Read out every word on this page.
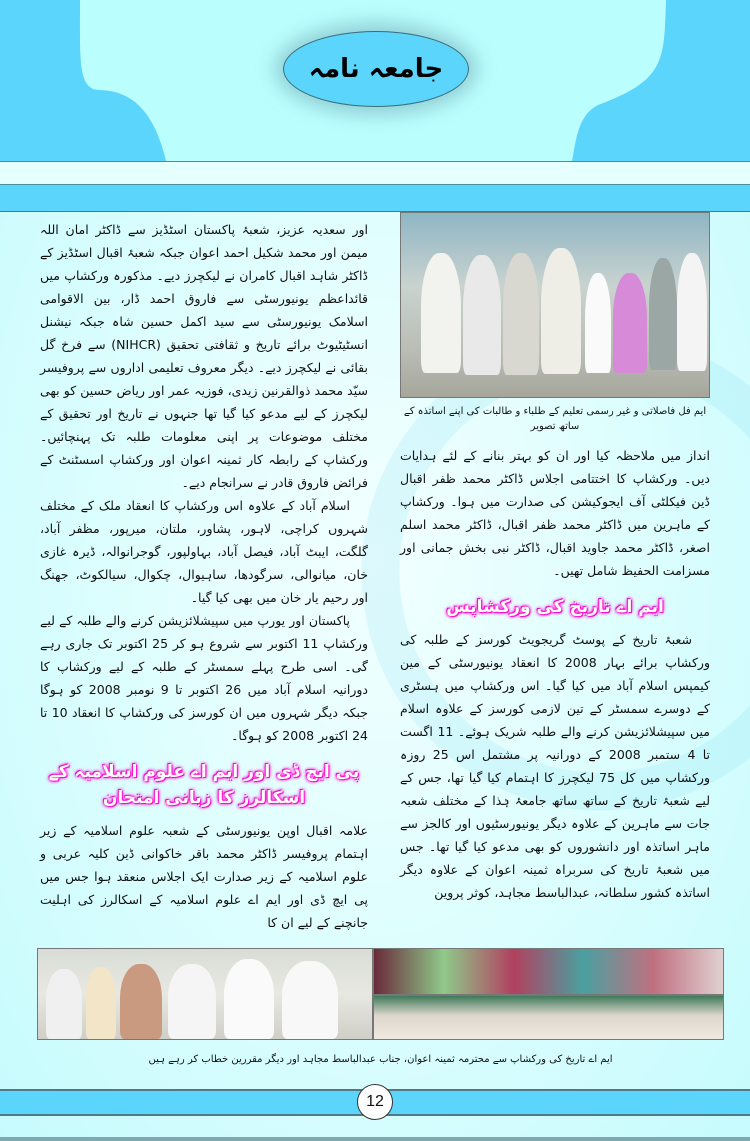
جامعہ نامہ

اور سعدیہ عزیز، شعبۂ پاکستان اسٹڈیز سے ڈاکٹر امان اللہ میمن اور محمد شکیل احمد اعوان جبکہ شعبۂ اقبال اسٹڈیز کے ڈاکٹر شاہد اقبال کامران نے لیکچرز دیے۔ مذکورہ ورکشاپ میں قائداعظم یونیورسٹی سے فاروق احمد ڈار، بین الاقوامی اسلامک یونیورسٹی سے سید اکمل حسین شاہ جبکہ نیشنل انسٹیٹیوٹ برائے تاریخ و ثقافتی تحقیق (NIHCR) سے فرخ گل بقائی نے لیکچرز دیے۔ دیگر معروف تعلیمی اداروں سے پروفیسر سیّد محمد ذوالقرنین زیدی، فوزیہ عمر اور ریاض حسین کو بھی لیکچرز کے لیے مدعو کیا گیا تھا جنہوں نے تاریخ اور تحقیق کے مختلف موضوعات پر اپنی معلومات طلبہ تک پہنچائیں۔ ورکشاپ کے رابطہ کار ثمینہ اعوان اور ورکشاپ اسسٹنٹ کے فرائض فاروق قادر نے سرانجام دیے۔

اسلام آباد کے علاوہ اس ورکشاپ کا انعقاد ملک کے مختلف شہروں کراچی، لاہور، پشاور، ملتان، میرپور، مظفر آباد، گلگت، ایبٹ آباد، فیصل آباد، بہاولپور، گوجرانوالہ، ڈیرہ غازی خان، میانوالی، سرگودھا، ساہیوال، چکوال، سیالکوٹ، جھنگ اور رحیم یار خان میں بھی کیا گیا۔

پاکستان اور یورپ میں سپیشلائزیشن کرنے والے طلبہ کے لیے ورکشاپ 11 اکتوبر سے شروع ہو کر 25 اکتوبر تک جاری رہے گی۔ اسی طرح پہلے سمسٹر کے طلبہ کے لیے ورکشاپ کا دورانیہ اسلام آباد میں 26 اکتوبر تا 9 نومبر 2008 کو ہوگا جبکہ دیگر شہروں میں ان کورسز کی ورکشاپ کا انعقاد 10 تا 24 اکتوبر 2008 کو ہوگا۔

پی ایچ ڈی اور ایم اے علوم اسلامیہ کے اسکالرز کا زبانی امتحان

علامہ اقبال اوپن یونیورسٹی کے شعبہ علوم اسلامیہ کے زیر اہتمام پروفیسر ڈاکٹر محمد باقر خاکوانی ڈین کلیہ عربی و علوم اسلامیہ کے زیر صدارت ایک اجلاس منعقد ہوا جس میں پی ایچ ڈی اور ایم اے علوم اسلامیہ کے اسکالرز کی اہلیت جانچنے کے لیے ان کا

ایم فل فاصلاتی و غیر رسمی تعلیم کے طلباء و طالبات کی اپنے اساتذہ کے ساتھ تصویر

انداز میں ملاحظہ کیا اور ان کو بہتر بنانے کے لئے ہدایات دیں۔ ورکشاپ کا اختتامی اجلاس ڈاکٹر محمد ظفر اقبال ڈین فیکلٹی آف ایجوکیشن کی صدارت میں ہوا۔ ورکشاپ کے ماہرین میں ڈاکٹر محمد ظفر اقبال، ڈاکٹر محمد اسلم اصغر، ڈاکٹر محمد جاوید اقبال، ڈاکٹر نبی بخش جمانی اور مسزامت الحفیظ شامل تھیں۔

ایم اے تاریخ کی ورکشاپس

شعبۂ تاریخ کے پوسٹ گریجویٹ کورسز کے طلبہ کی ورکشاپ برائے بہار 2008 کا انعقاد یونیورسٹی کے مین کیمپس اسلام آباد میں کیا گیا۔ اس ورکشاپ میں ہسٹری کے دوسرے سمسٹر کے تین لازمی کورسز کے علاوہ اسلام میں سپیشلائزیشن کرنے والے طلبہ شریک ہوئے۔ 11 اگست تا 4 ستمبر 2008 کے دورانیہ پر مشتمل اس 25 روزہ ورکشاپ میں کل 75 لیکچرز کا اہتمام کیا گیا تھا، جس کے لیے شعبۂ تاریخ کے ساتھ ساتھ جامعۂ ہٰذا کے مختلف شعبہ جات سے ماہرین کے علاوہ دیگر یونیورسٹیوں اور کالجز سے ماہر اساتذہ اور دانشوروں کو بھی مدعو کیا گیا تھا۔ جس میں شعبۂ تاریخ کی سربراہ ثمینہ اعوان کے علاوہ دیگر اساتذہ کشور سلطانہ، عبدالباسط مجاہد، کوثر پروین

ایم اے تاریخ کی ورکشاپ سے محترمہ ثمینہ اعوان، جناب عبدالباسط مجاہد اور دیگر مقررین خطاب کر رہے ہیں
12
